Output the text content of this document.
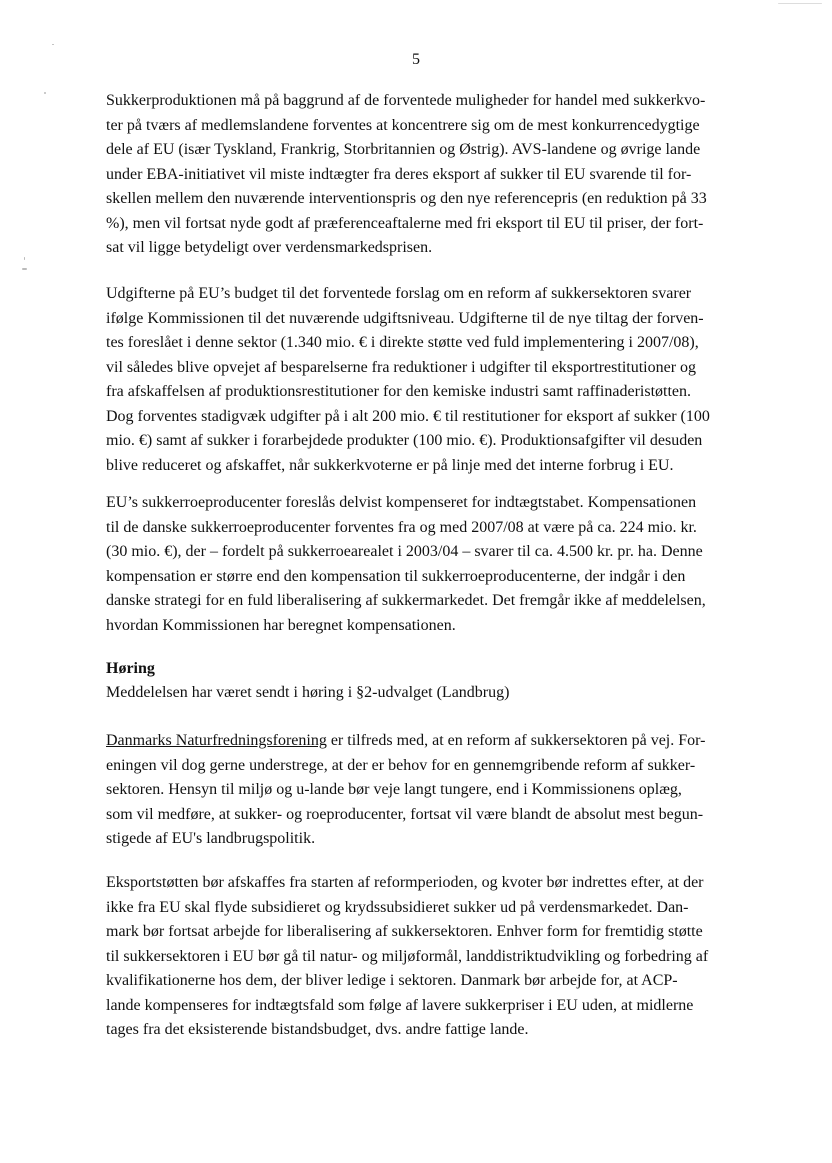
5

Sukkerproduktionen må på baggrund af de forventede muligheder for handel med sukkerkvo-
ter på tværs af medlemslandene forventes at koncentrere sig om de mest konkurrencedygtige
dele af EU (især Tyskland, Frankrig, Storbritannien og Østrig). AVS-landene og øvrige lande
under EBA-initiativet vil miste indtægter fra deres eksport af sukker til EU svarende til for-
skellen mellem den nuværende interventionspris og den nye referencepris (en reduktion på 33
%), men vil fortsat nyde godt af præferenceaftalerne med fri eksport til EU til priser, der fort-
sat vil ligge betydeligt over verdensmarkedsprisen.

Udgifterne på EU’s budget til det forventede forslag om en reform af sukkersektoren svarer
ifølge Kommissionen til det nuværende udgiftsniveau. Udgifterne til de nye tiltag der forven-
tes foreslået i denne sektor (1.340 mio. € i direkte støtte ved fuld implementering i 2007/08),
vil således blive opvejet af besparelserne fra reduktioner i udgifter til eksportrestitutioner og
fra afskaffelsen af produktionsrestitutioner for den kemiske industri samt raffinaderistøtten.
Dog forventes stadigvæk udgifter på i alt 200 mio. € til restitutioner for eksport af sukker (100
mio. €) samt af sukker i forarbejdede produkter (100 mio. €). Produktionsafgifter vil desuden
blive reduceret og afskaffet, når sukkerkvoterne er på linje med det interne forbrug i EU.

EU’s sukkerroeproducenter foreslås delvist kompenseret for indtægtstabet. Kompensationen
til de danske sukkerroeproducenter forventes fra og med 2007/08 at være på ca. 224 mio. kr.
(30 mio. €), der – fordelt på sukkerroearealet i 2003/04 – svarer til ca. 4.500 kr. pr. ha. Denne
kompensation er større end den kompensation til sukkerroeproducenterne, der indgår i den
danske strategi for en fuld liberalisering af sukkermarkedet. Det fremgår ikke af meddelelsen,
hvordan Kommissionen har beregnet kompensationen.

Høring

Meddelelsen har været sendt i høring i §2-udvalget (Landbrug)

Danmarks Naturfredningsforening er tilfreds med, at en reform af sukkersektoren på vej. For-
eningen vil dog gerne understrege, at der er behov for en gennemgribende reform af sukker-
sektoren. Hensyn til miljø og u-lande bør veje langt tungere, end i Kommissionens oplæg,
som vil medføre, at sukker- og roeproducenter, fortsat vil være blandt de absolut mest begun-
stigede af EU's landbrugspolitik.

Eksportstøtten bør afskaffes fra starten af reformperioden, og kvoter bør indrettes efter, at der
ikke fra EU skal flyde subsidieret og krydssubsidieret sukker ud på verdensmarkedet. Dan-
mark bør fortsat arbejde for liberalisering af sukkersektoren. Enhver form for fremtidig støtte
til sukkersektoren i EU bør gå til natur- og miljøformål, landdistriktudvikling og forbedring af
kvalifikationerne hos dem, der bliver ledige i sektoren. Danmark bør arbejde for, at ACP-
lande kompenseres for indtægtsfald som følge af lavere sukkerpriser i EU uden, at midlerne
tages fra det eksisterende bistandsbudget, dvs. andre fattige lande.
